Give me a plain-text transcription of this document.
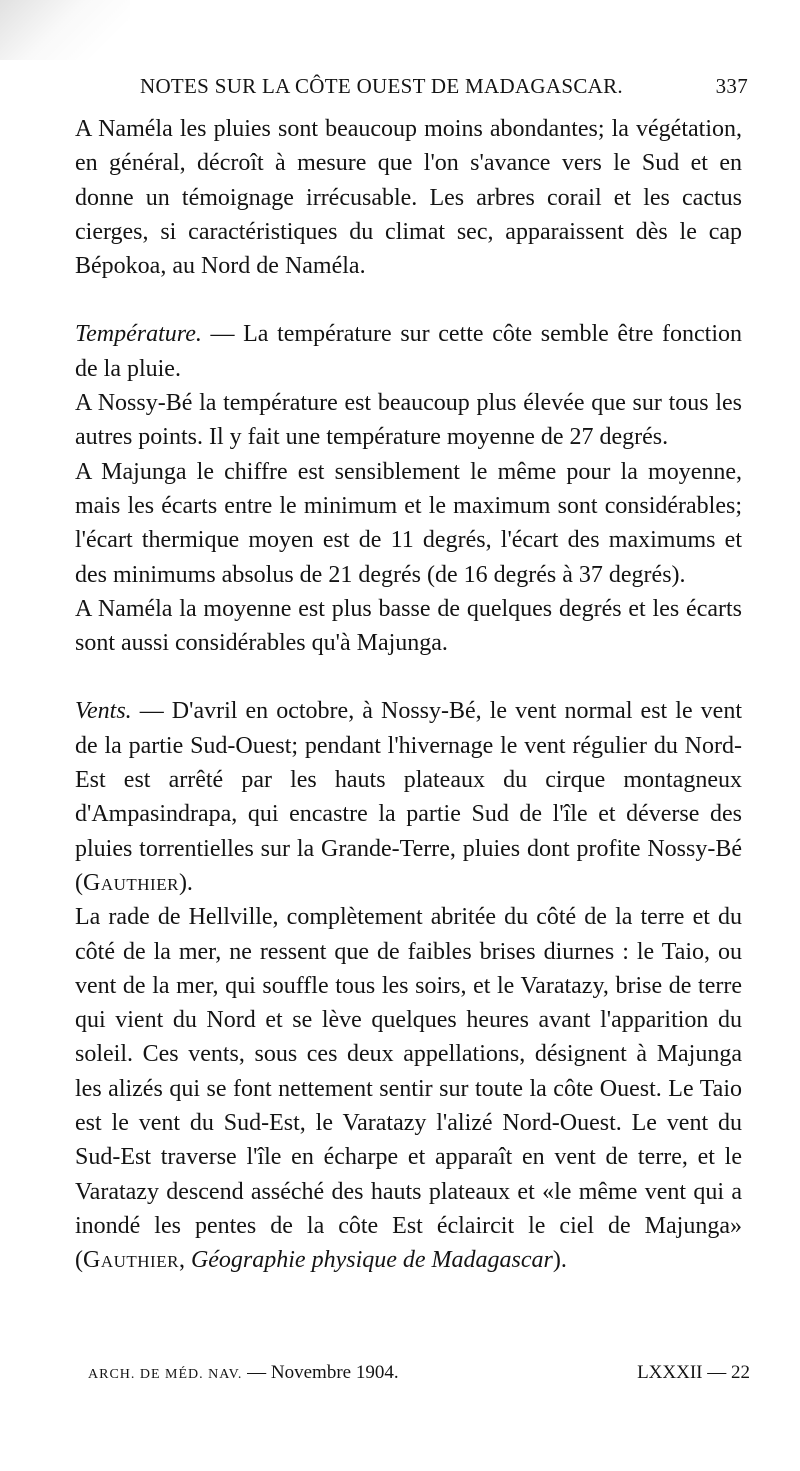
NOTES SUR LA CÔTE OUEST DE MADAGASCAR.	337

A Naméla les pluies sont beaucoup moins abondantes; la végétation, en général, décroît à mesure que l'on s'avance vers le Sud et en donne un témoignage irrécusable. Les arbres corail et les cactus cierges, si caractéristiques du climat sec, apparaissent dès le cap Bépokoa, au Nord de Naméla.

Température. — La température sur cette côte semble être fonction de la pluie.

A Nossy-Bé la température est beaucoup plus élevée que sur tous les autres points. Il y fait une température moyenne de 27 degrés.

A Majunga le chiffre est sensiblement le même pour la moyenne, mais les écarts entre le minimum et le maximum sont considérables; l'écart thermique moyen est de 11 degrés, l'écart des maximums et des minimums absolus de 21 degrés (de 16 degrés à 37 degrés).

A Naméla la moyenne est plus basse de quelques degrés et les écarts sont aussi considérables qu'à Majunga.

Vents. — D'avril en octobre, à Nossy-Bé, le vent normal est le vent de la partie Sud-Ouest; pendant l'hivernage le vent régulier du Nord-Est est arrêté par les hauts plateaux du cirque montagneux d'Ampasindrapa, qui encastre la partie Sud de l'île et déverse des pluies torrentielles sur la Grande-Terre, pluies dont profite Nossy-Bé (Gauthier).

La rade de Hellville, complètement abritée du côté de la terre et du côté de la mer, ne ressent que de faibles brises diurnes : le Taio, ou vent de la mer, qui souffle tous les soirs, et le Varatazy, brise de terre qui vient du Nord et se lève quelques heures avant l'apparition du soleil. Ces vents, sous ces deux appellations, désignent à Majunga les alizés qui se font nettement sentir sur toute la côte Ouest. Le Taio est le vent du Sud-Est, le Varatazy l'alizé Nord-Ouest. Le vent du Sud-Est traverse l'île en écharpe et apparaît en vent de terre, et le Varatazy descend asséché des hauts plateaux et «le même vent qui a inondé les pentes de la côte Est éclaircit le ciel de Majunga» (Gauthier, Géographie physique de Madagascar).

ARCH. DE MÉD. NAV. — Novembre 1904.	LXXXII — 22
